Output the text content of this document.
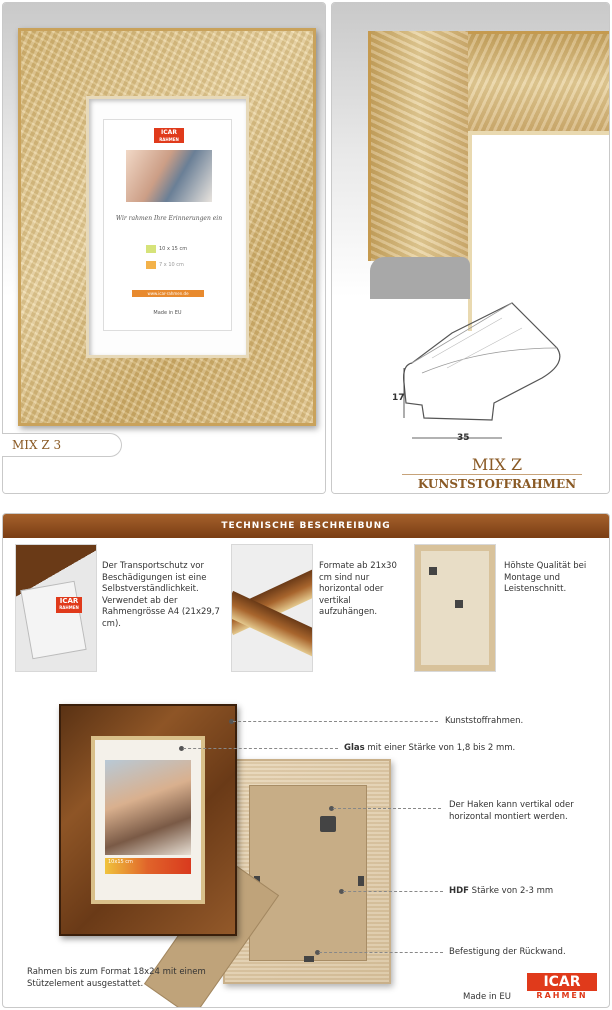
ICAR
RAHMEN
Wir rahmen Ihre Erinnerungen ein
10 x 15 cm
7 x 10 cm
www.icar-rahmen.de
Made in EU
MIX Z 3
17
35
MIX Z
KUNSTSTOFFRAHMEN
TECHNISCHE BESCHREIBUNG
ICAR
RAHMEN
Der Transportschutz vor Beschädigungen ist eine Selbstverständlichkeit. Verwendet ab der Rahmengrösse A4 (21x29,7 cm).
Formate ab 21x30 cm sind nur horizontal oder vertikal aufzuhängen.
Höhste Qualität bei Montage und Leistenschnitt.
10x15 cm
Kunststoffrahmen.
Glas mit einer Stärke von 1,8 bis 2 mm.
Der Haken kann vertikal oder horizontal montiert werden.
HDF Stärke von 2-3 mm
Befestigung der Rückwand.
Rahmen bis zum Format 18x24 mit einem Stützelement ausgestattet.
Made in EU
ICAR
RAHMEN
